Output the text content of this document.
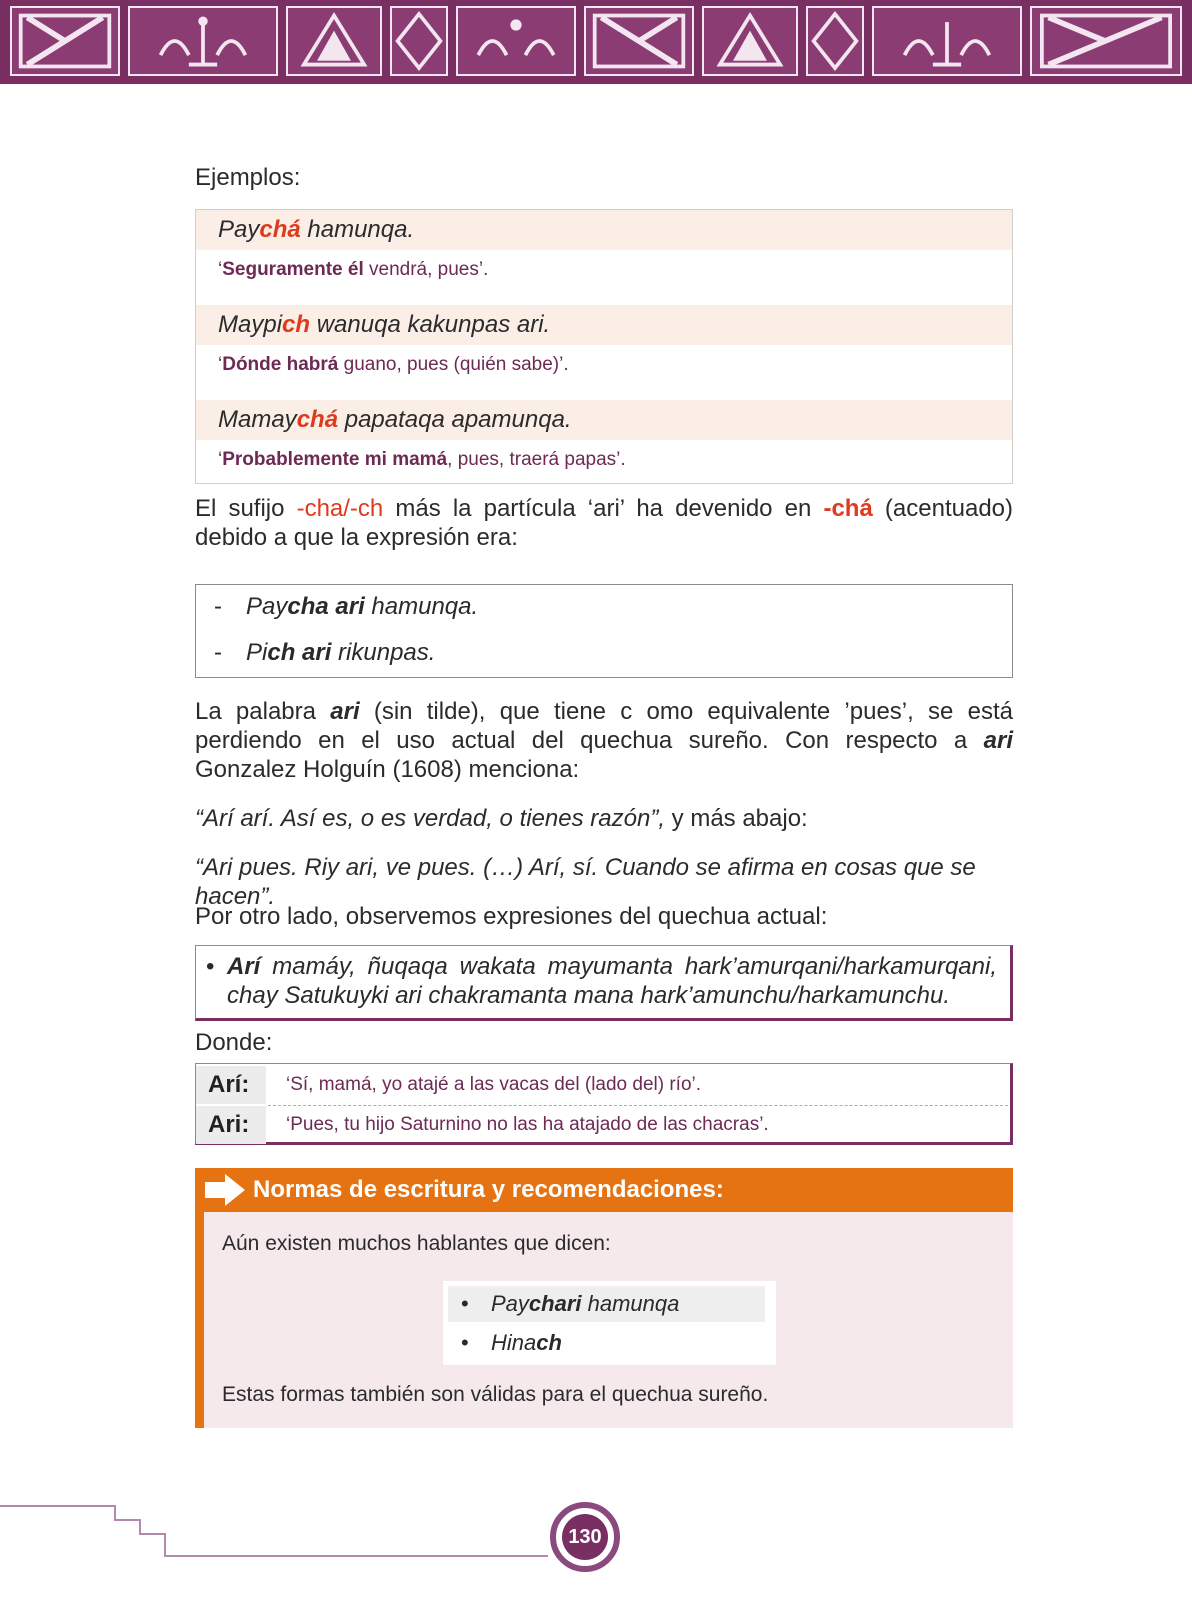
Ejemplos:
Paychá hamunqa.
‘Seguramente él vendrá, pues’.
Maypich wanuqa kakunpas ari.
‘Dónde habrá guano, pues (quién sabe)’.
Mamaychá papataqa apamunqa.
‘Probablemente mi mamá, pues, traerá papas’.
El sufijo -cha/-ch más la partícula ‘ari’ ha devenido en -chá (acentuado) debido a que la expresión era:
- Paycha ari hamunqa.
- Pich ari rikunpas.
La palabra ari (sin tilde), que tiene c omo equivalente ’pues’, se está perdiendo en el uso actual del quechua sureño. Con respecto a ari Gonzalez Holguín (1608) menciona:
“Arí arí. Así es, o es verdad, o tienes razón”, y más abajo:
“Ari pues. Riy ari, ve pues. (…) Arí, sí. Cuando se afirma en cosas que se hacen”.
Por otro lado, observemos expresiones del quechua actual:
• Arí mamáy, ñuqaqa wakata mayumanta hark’amurqani/harkamurqani, chay Satukuyki ari chakramanta mana hark’amunchu/harkamunchu.
Donde:
Arí:	‘Sí, mamá, yo atajé a las vacas del (lado del) río’.
Ari:	‘Pues, tu hijo Saturnino no las ha atajado de las chacras’.
Normas de escritura y recomendaciones:
Aún existen muchos hablantes que dicen:
• Paychari hamunqa
• Hinach
Estas formas también son válidas para el quechua sureño.
130
